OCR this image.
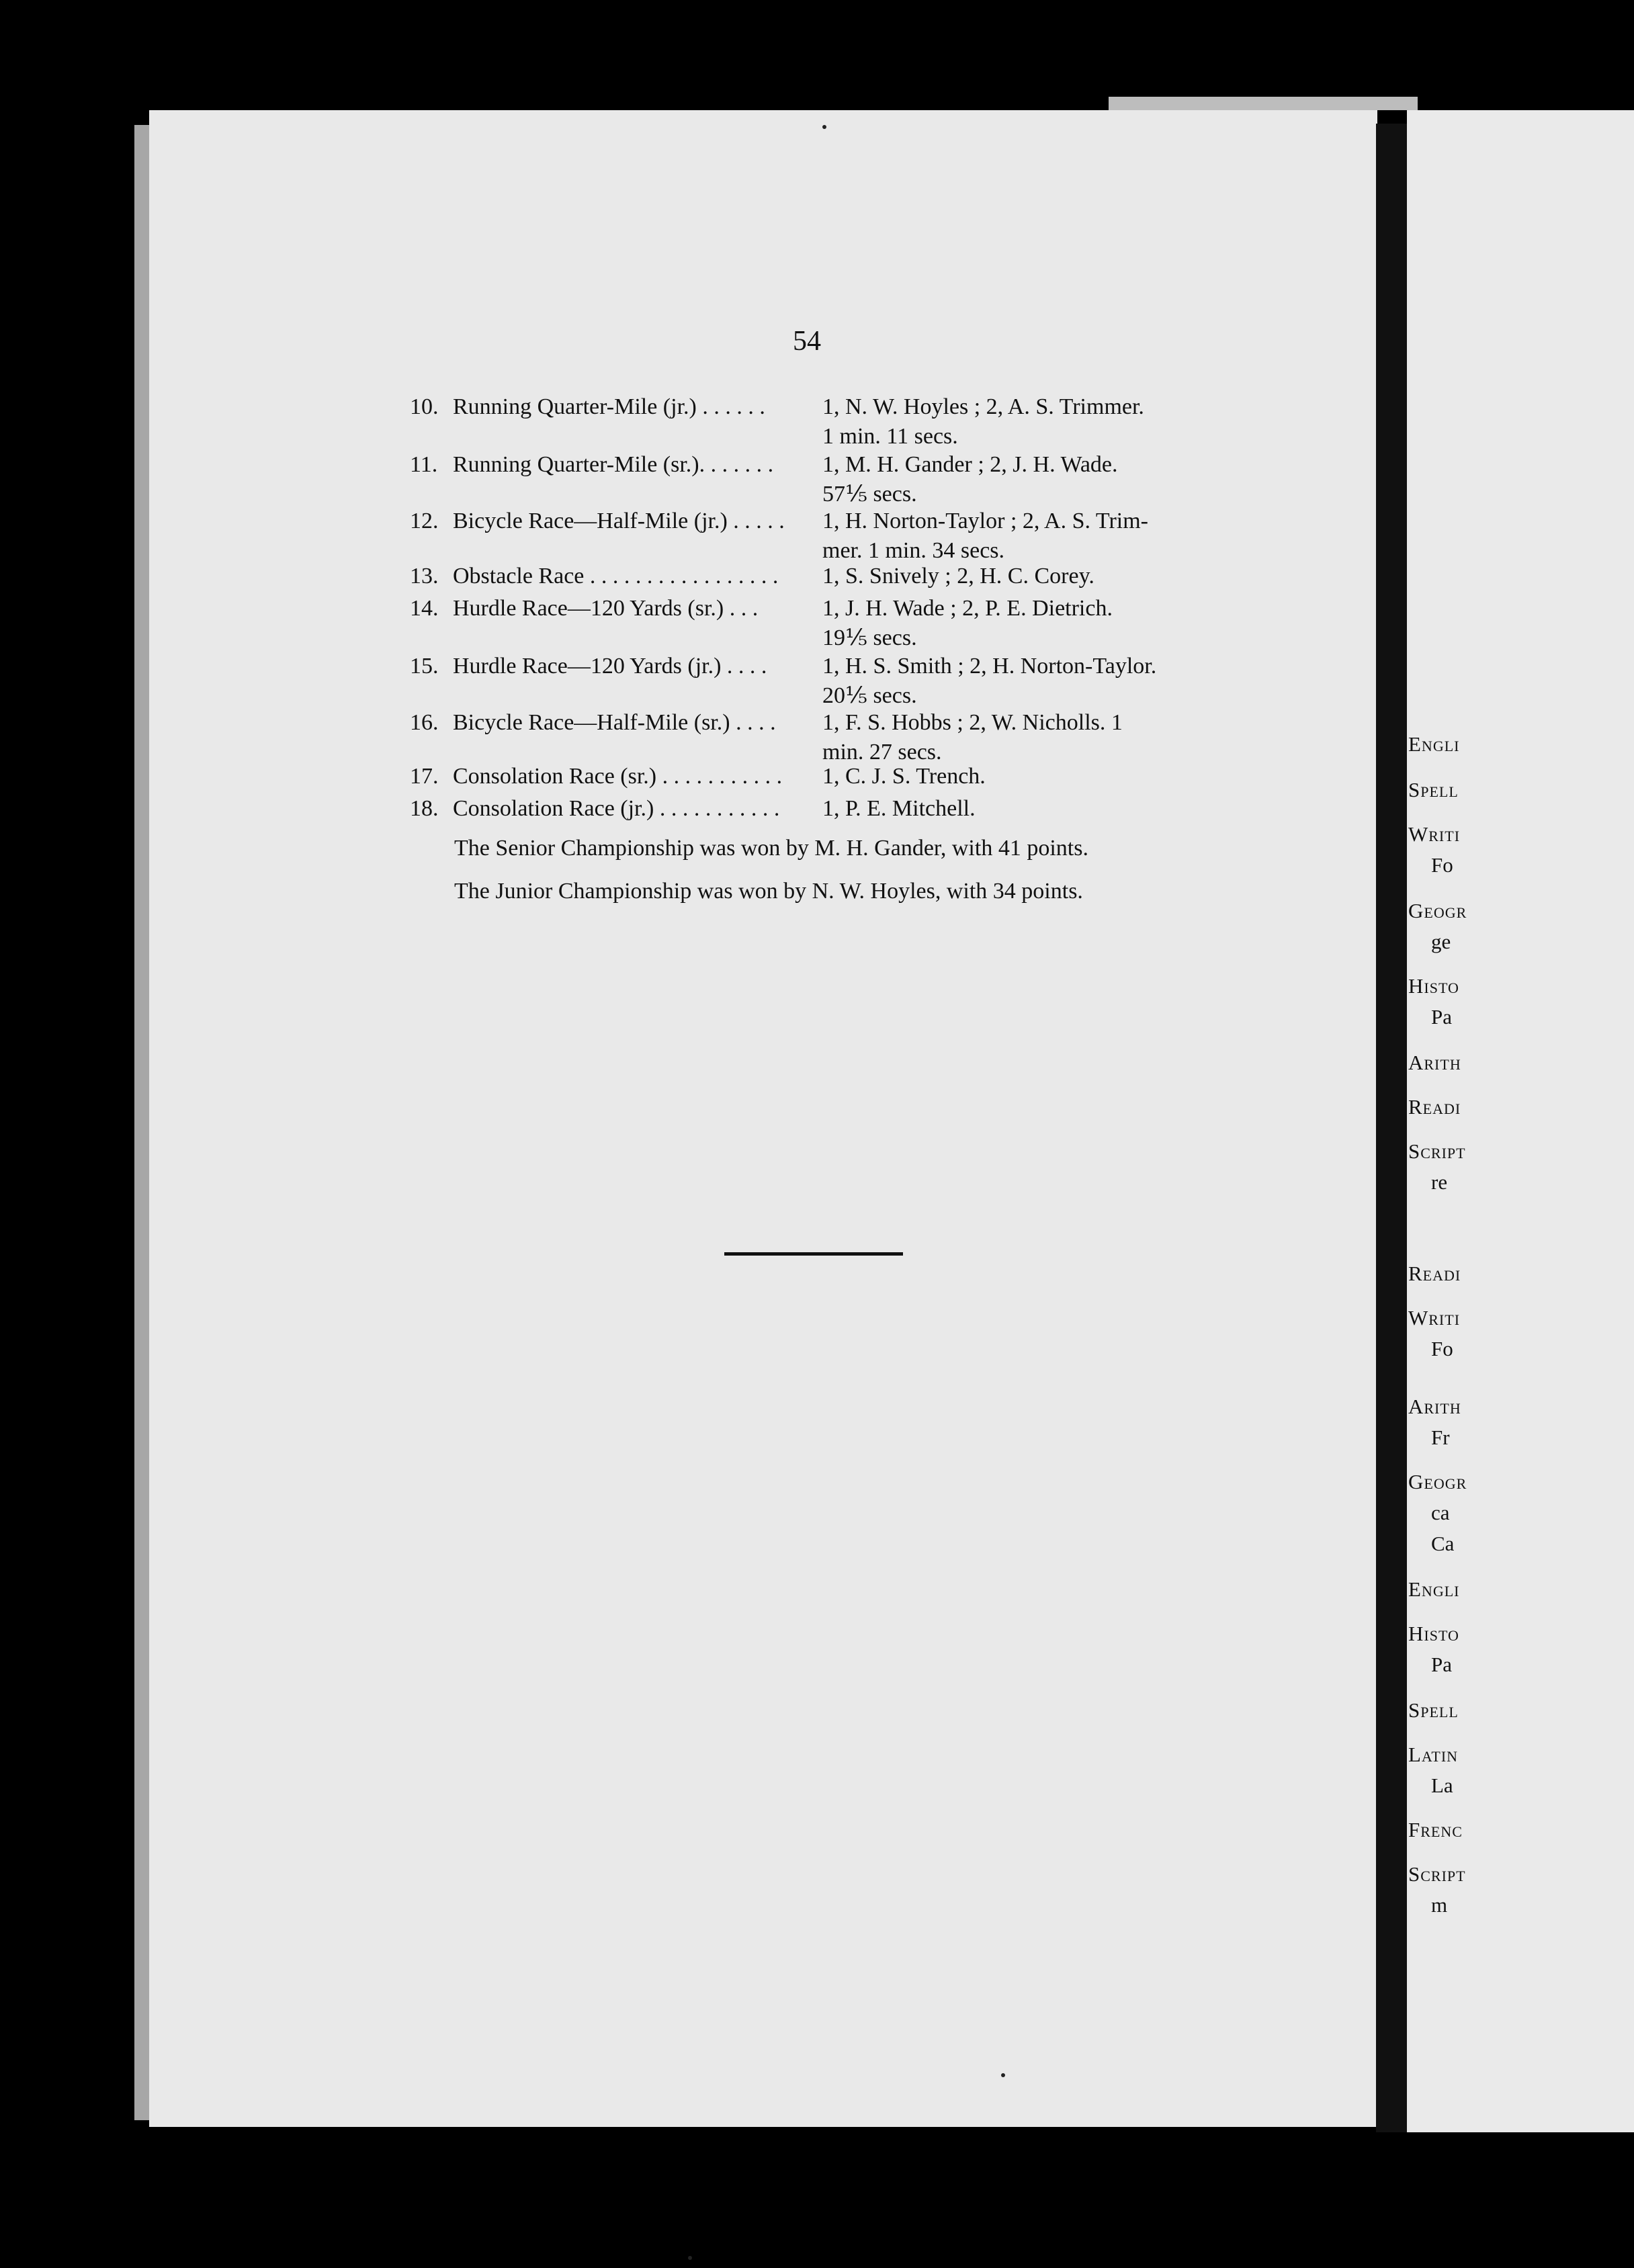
Engli
Spell
Writi
Fo
Geogr
ge
Histo
Pa
Arith
Readi
Script
re
Readi
Writi
Fo
Arith
Fr
Geogr
ca
Ca
Engli
Histo
Pa
Spell
Latin
La
Frenc
Script
m
54
10. Running Quarter-Mile (jr.) . . . . . .	1, N. W. Hoyles ; 2, A. S. Trimmer.
1 min. 11 secs.
11. Running Quarter-Mile (sr.). . . . . . . 1, M. H. Gander ; 2, J. H. Wade.
57⅕ secs.
12. Bicycle Race—Half-Mile (jr.) . . . . . 1, H. Norton-Taylor ; 2, A. S. Trim-
mer. 1 min. 34 secs.
13. Obstacle Race . . . . . . . . . . . . . . . . . 1, S. Snively ; 2, H. C. Corey.
14. Hurdle Race—120 Yards (sr.) . . .	1, J. H. Wade ; 2, P. E. Dietrich.
19⅕ secs.
15. Hurdle Race—120 Yards (jr.) . . . . 1, H. S. Smith ; 2, H. Norton-Taylor.
20⅕ secs.
16. Bicycle Race—Half-Mile (sr.) . . . . 1, F. S. Hobbs ; 2, W. Nicholls. 1
min. 27 secs.
17. Consolation Race (sr.) . . . . . . . . . . . 1, C. J. S. Trench.
18. Consolation Race (jr.) . . . . . . . . . . . 1, P. E. Mitchell.
The Senior Championship was won by M. H. Gander, with 41 points.
The Junior Championship was won by N. W. Hoyles, with 34 points.
